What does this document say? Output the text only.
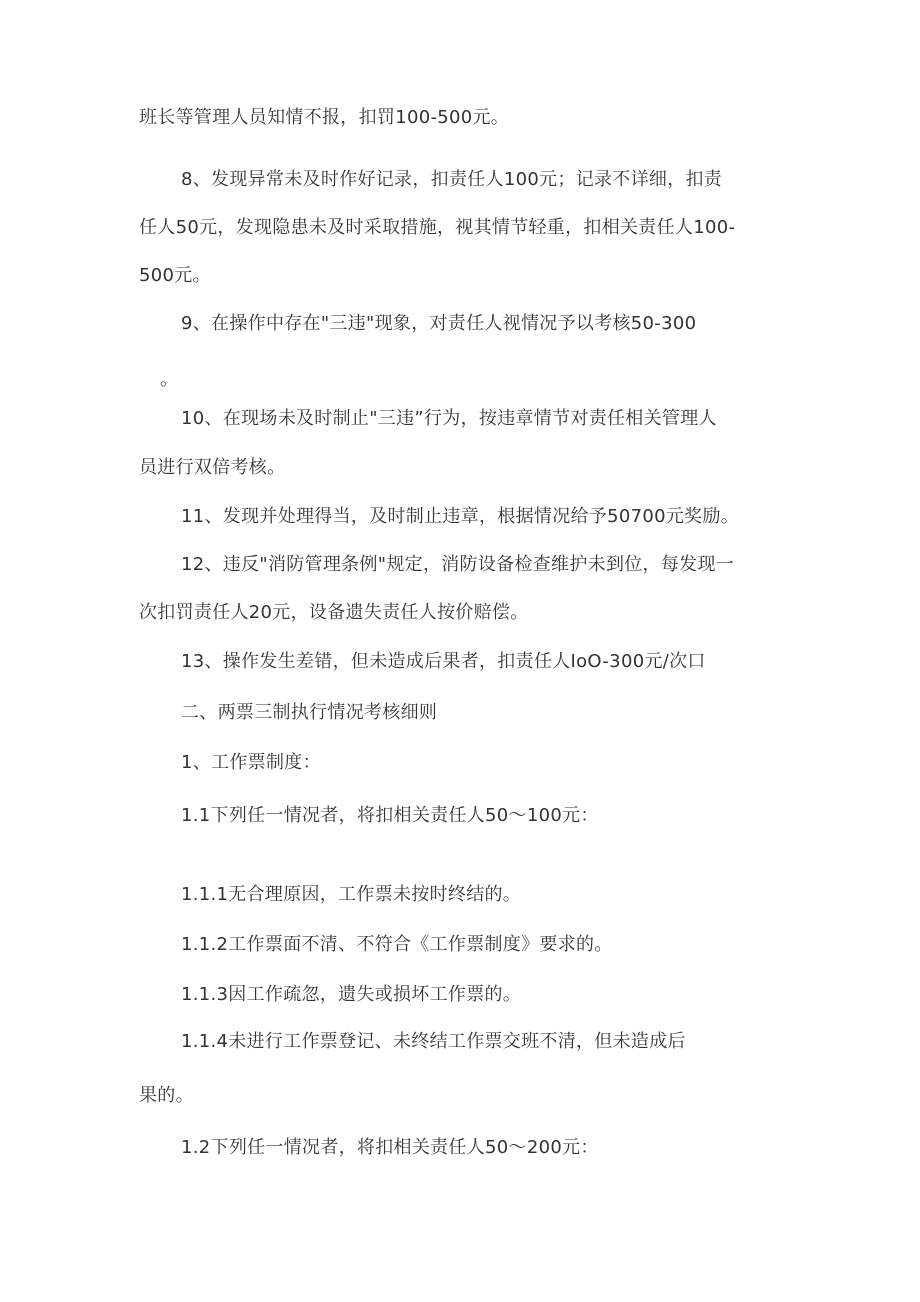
班长等管理人员知情不报，扣罚100-500元。
8、发现异常未及时作好记录，扣责任人100元；记录不详细，扣责
任人50元，发现隐患未及时采取措施，视其情节轻重，扣相关责任人100-
500元。
9、在操作中存在"三违"现象，对责任人视情况予以考核50-300
。
10、在现场未及时制止"三违”行为，按违章情节对责任相关管理人
员进行双倍考核。
11、发现并处理得当，及时制止违章，根据情况给予50700元奖励。
12、违反"消防管理条例"规定，消防设备检查维护未到位，每发现一
次扣罚责任人20元，设备遗失责任人按价赔偿。
13、操作发生差错，但未造成后果者，扣责任人IoO-300元/次口
二、两票三制执行情况考核细则
1、工作票制度：
1.1下列任一情况者，将扣相关责任人50～100元：
1.1.1无合理原因，工作票未按时终结的。
1.1.2工作票面不清、不符合《工作票制度》要求的。
1.1.3因工作疏忽，遗失或损坏工作票的。
1.1.4未进行工作票登记、未终结工作票交班不清，但未造成后
果的。
1.2下列任一情况者，将扣相关责任人50～200元：
